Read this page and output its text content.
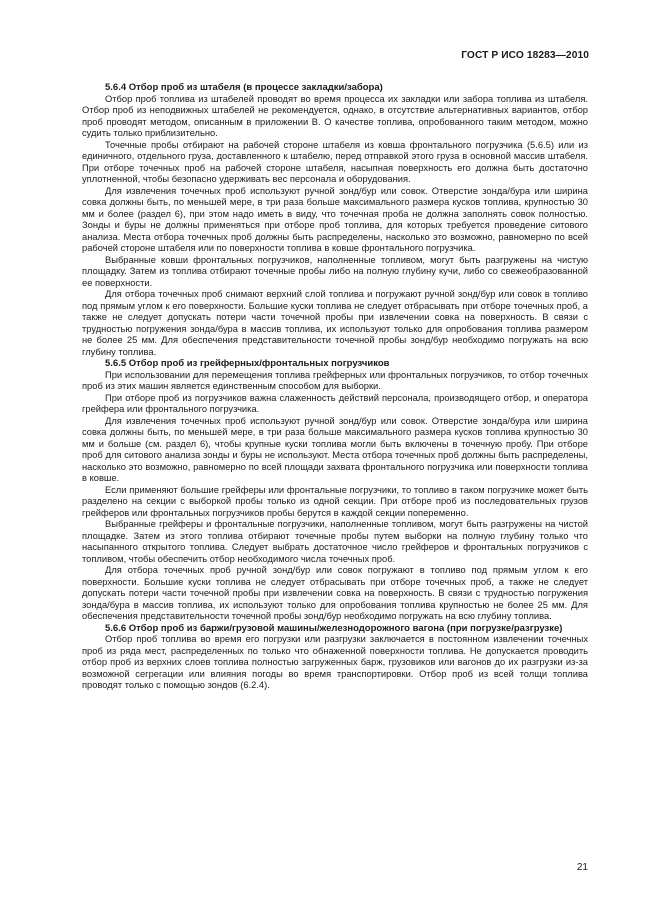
ГОСТ Р ИСО 18283—2010
5.6.4 Отбор проб из штабеля (в процессе закладки/забора)

Отбор проб топлива из штабелей проводят во время процесса их закладки или забора топлива из штабеля. Отбор проб из неподвижных штабелей не рекомендуется, однако, в отсутствие альтернативных вариантов, отбор проб проводят методом, описанным в приложении В. О качестве топлива, опробованного таким методом, можно судить только приблизительно.

Точечные пробы отбирают на рабочей стороне штабеля из ковша фронтального погрузчика (5.6.5) или из единичного, отдельного груза, доставленного к штабелю, перед отправкой этого груза в основной массив штабеля. При отборе точечных проб на рабочей стороне штабеля, насыпная поверхность его должна быть достаточно уплотненной, чтобы безопасно удерживать вес персонала и оборудования.

Для извлечения точечных проб используют ручной зонд/бур или совок. Отверстие зонда/бура или ширина совка должны быть, по меньшей мере, в три раза больше максимального размера кусков топлива, крупностью 30 мм и более (раздел 6), при этом надо иметь в виду, что точечная проба не должна заполнять совок полностью. Зонды и буры не должны применяться при отборе проб топлива, для которых требуется проведение ситового анализа. Места отбора точечных проб должны быть распределены, насколько это возможно, равномерно по всей рабочей стороне штабеля или по поверхности топлива в ковше фронтального погрузчика.

Выбранные ковши фронтальных погрузчиков, наполненные топливом, могут быть разгружены на чистую площадку. Затем из топлива отбирают точечные пробы либо на полную глубину кучи, либо со свежеобразованной ее поверхности.

Для отбора точечных проб снимают верхний слой топлива и погружают ручной зонд/бур или совок в топливо под прямым углом к его поверхности. Большие куски топлива не следует отбрасывать при отборе точечных проб, а также не следует допускать потери части точечной пробы при извлечении совка на поверхность. В связи с трудностью погружения зонда/бура в массив топлива, их используют только для опробования топлива размером не более 25 мм. Для обеспечения представительности точечной пробы зонд/бур необходимо погружать на всю глубину топлива.

5.6.5 Отбор проб из грейферных/фронтальных погрузчиков

При использовании для перемещения топлива грейферных или фронтальных погрузчиков, то отбор точечных проб из этих машин является единственным способом для выборки.

При отборе проб из погрузчиков важна слаженность действий персонала, производящего отбор, и оператора грейфера или фронтального погрузчика.

Для извлечения точечных проб используют ручной зонд/бур или совок. Отверстие зонда/бура или ширина совка должны быть, по меньшей мере, в три раза больше максимального размера кусков топлива крупностью 30 мм и больше (см. раздел 6), чтобы крупные куски топлива могли быть включены в точечную пробу. При отборе проб для ситового анализа зонды и буры не используют. Места отбора точечных проб должны быть распределены, насколько это возможно, равномерно по всей площади захвата фронтального погрузчика или поверхности топлива в ковше.

Если применяют большие грейферы или фронтальные погрузчики, то топливо в таком погрузчике может быть разделено на секции с выборкой пробы только из одной секции. При отборе проб из последовательных грузов грейферов или фронтальных погрузчиков пробы берутся в каждой секции попеременно.

Выбранные грейферы и фронтальные погрузчики, наполненные топливом, могут быть разгружены на чистой площадке. Затем из этого топлива отбирают точечные пробы путем выборки на полную глубину только что насыпанного открытого топлива. Следует выбрать достаточное число грейферов и фронтальных погрузчиков с топливом, чтобы обеспечить отбор необходимого числа точечных проб.

Для отбора точечных проб ручной зонд/бур или совок погружают в топливо под прямым углом к его поверхности. Большие куски топлива не следует отбрасывать при отборе точечных проб, а также не следует допускать потери части точечной пробы при извлечении совка на поверхность. В связи с трудностью погружения зонда/бура в массив топлива, их используют только для опробования топлива крупностью не более 25 мм. Для обеспечения представительности точечной пробы зонд/бур необходимо погружать на всю глубину топлива.

5.6.6 Отбор проб из баржи/грузовой машины/железнодорожного вагона (при погрузке/разгрузке)

Отбор проб топлива во время его погрузки или разгрузки заключается в постоянном извлечении точечных проб из ряда мест, распределенных по только что обнаженной поверхности топлива. Не допускается проводить отбор проб из верхних слоев топлива полностью загруженных барж, грузовиков или вагонов до их разгрузки из-за возможной сегрегации или влияния погоды во время транспортировки. Отбор проб из всей толщи топлива проводят только с помощью зондов (6.2.4).

21
